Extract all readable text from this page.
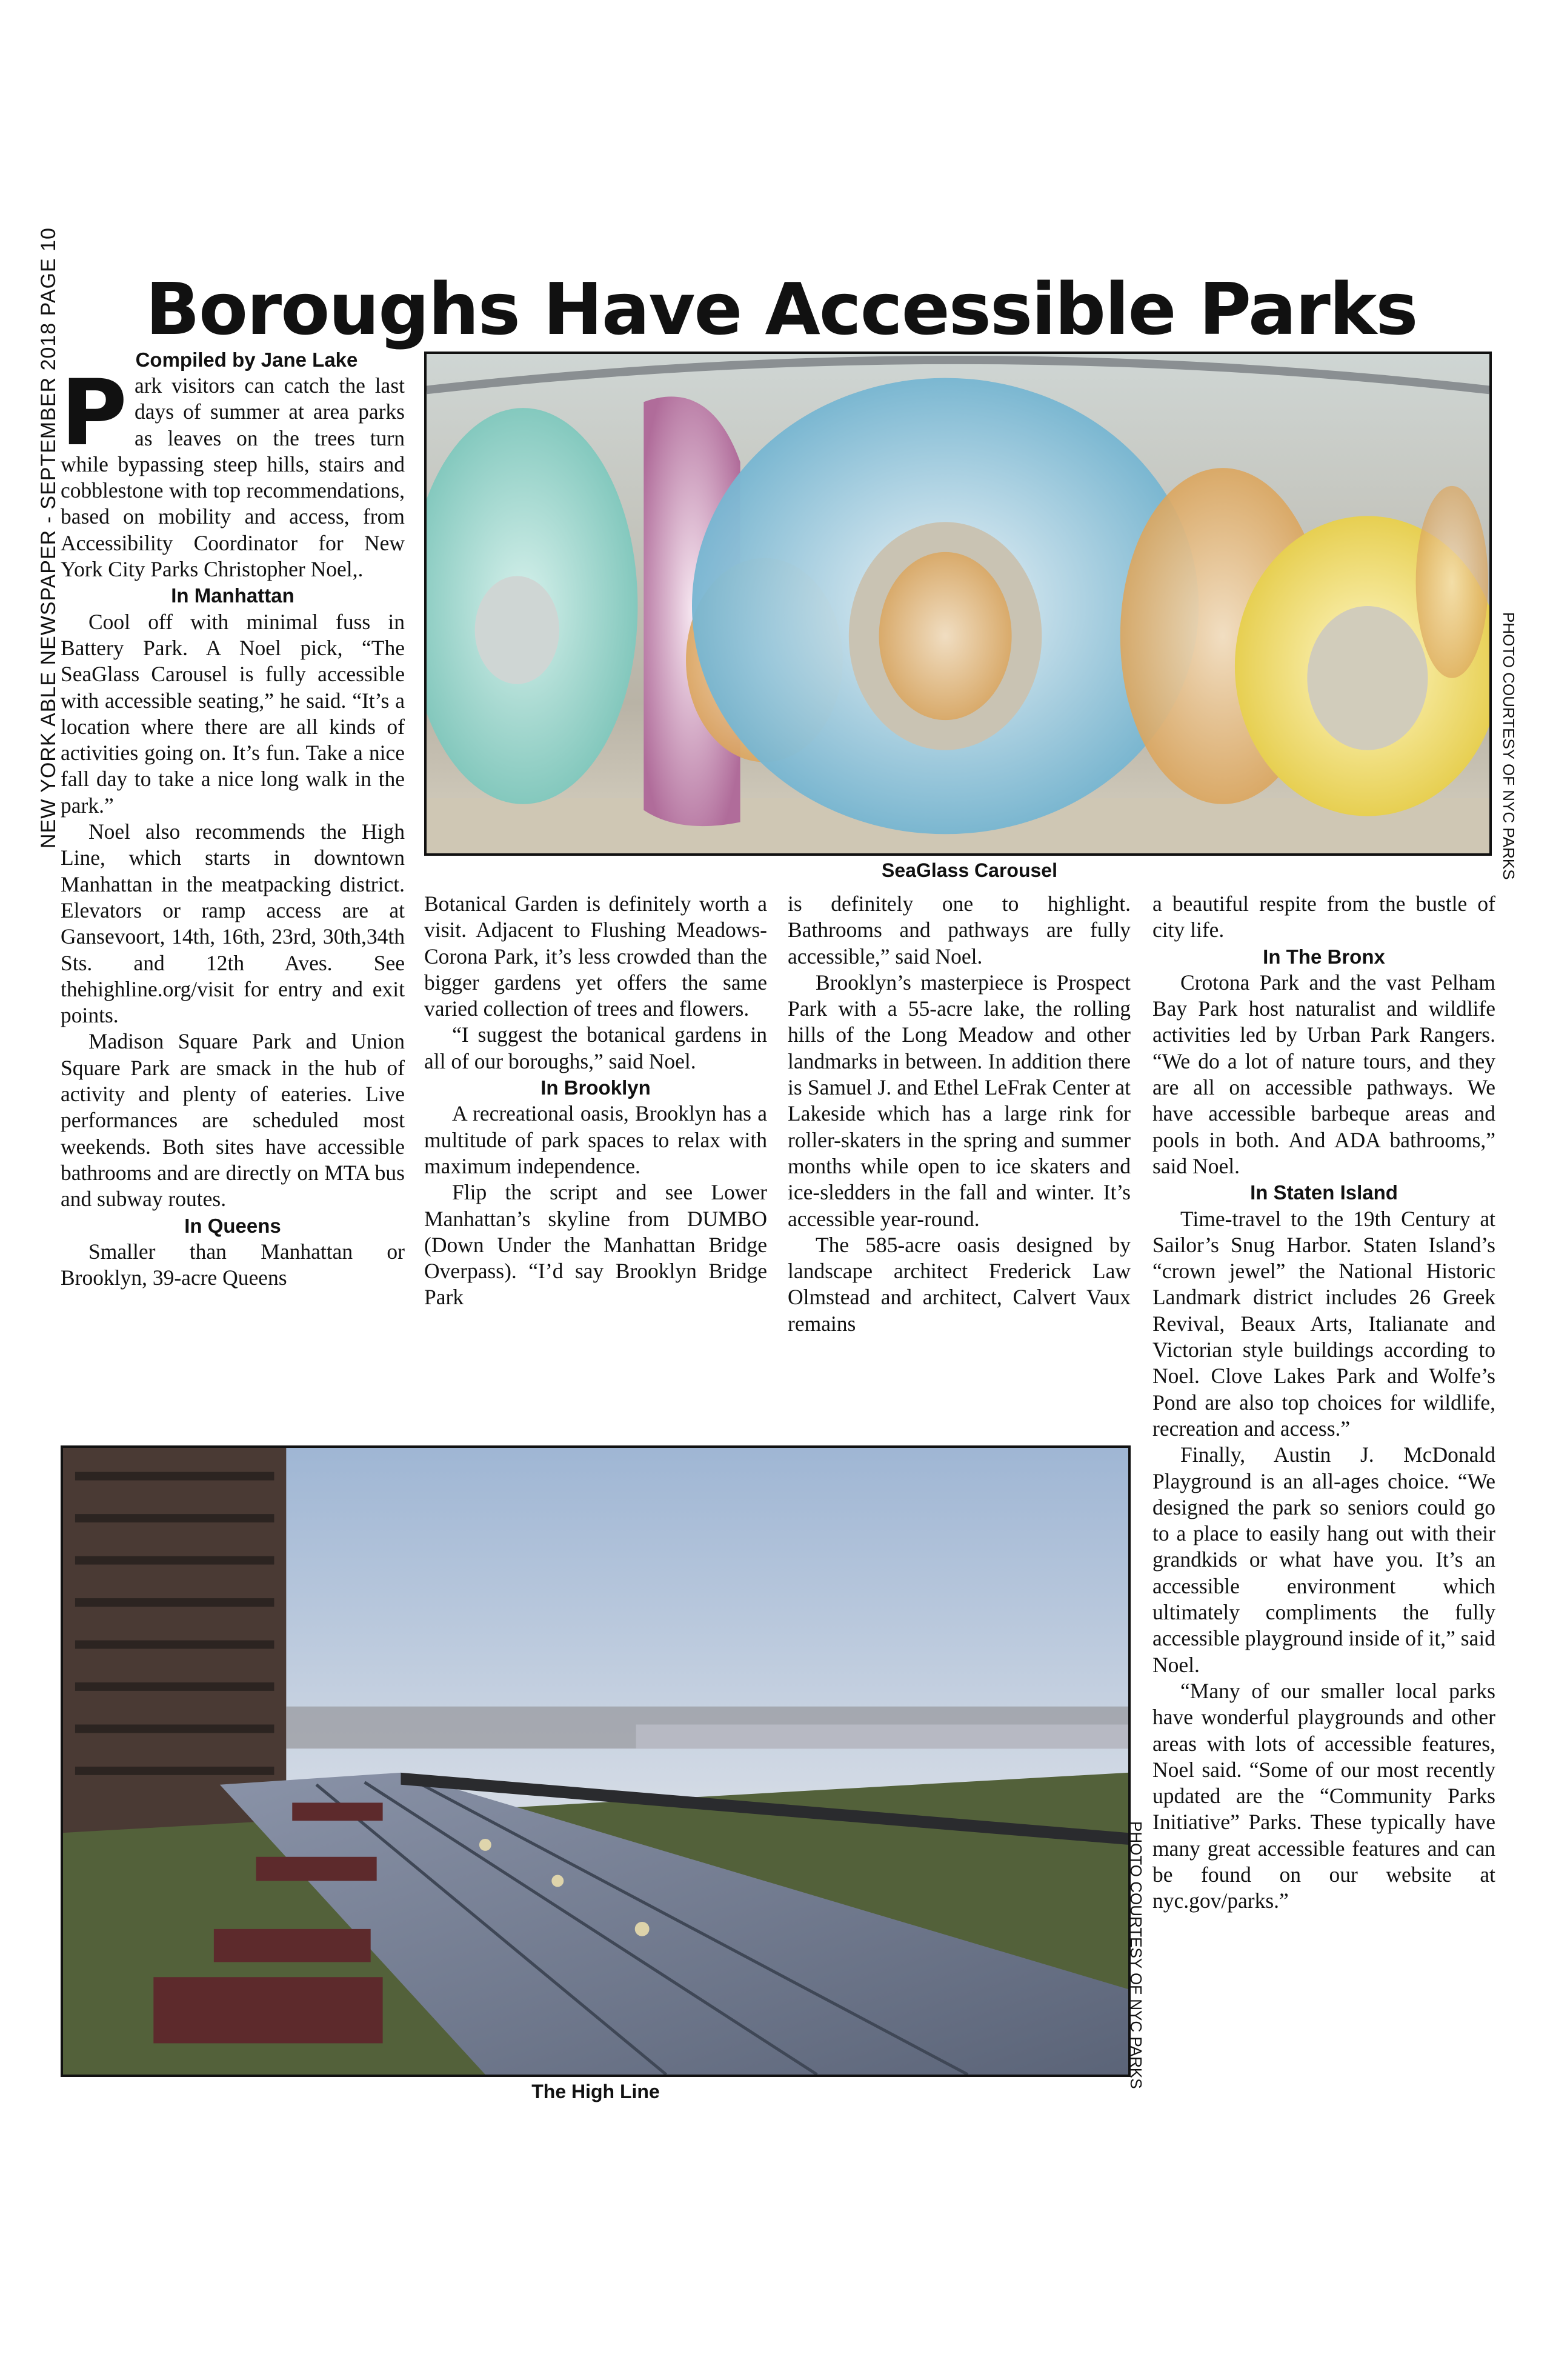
NEW YORK ABLE NEWSPAPER - SEPTEMBER 2018 PAGE 10 Boroughs Have Accessible Parks

Compiled by Jane Lake

Park visitors can catch the last days of summer at area parks as leaves on the trees turn while bypassing steep hills, stairs and cobblestone with top recommendations, based on mobility and access, from Accessibility Coordinator for New York City Parks Christopher Noel,.

In Manhattan

Cool off with minimal fuss in Battery Park. A Noel pick, “The SeaGlass Carousel is fully accessible with accessible seating,” he said. “It’s a location where there are all kinds of activities going on. It’s fun. Take a nice fall day to take a nice long walk in the park.”

Noel also recommends the High Line, which starts in downtown Manhattan in the meatpacking district. Elevators or ramp access are at Gansevoort, 14th, 16th, 23rd, 30th,34th Sts. and 12th Aves. See thehighline.org/visit for entry and exit points.

Madison Square Park and Union Square Park are smack in the hub of activity and plenty of eateries. Live performances are scheduled most weekends. Both sites have accessible bathrooms and are directly on MTA bus and subway routes.

In Queens

Smaller than Manhattan or Brooklyn, 39-acre Queens

PHOTO COURTESY OF NYC PARKS
SeaGlass Carousel

Botanical Garden is definitely worth a visit. Adjacent to Flushing Meadows-Corona Park, it’s less crowded than the bigger gardens yet offers the same varied collection of trees and flowers.

“I suggest the botanical gardens in all of our boroughs,” said Noel.

In Brooklyn

A recreational oasis, Brooklyn has a multitude of park spaces to relax with maximum independence.

Flip the script and see Lower Manhattan’s skyline from DUMBO (Down Under the Manhattan Bridge Overpass). “I’d say Brooklyn Bridge Park

is definitely one to highlight. Bathrooms and pathways are fully accessible,” said Noel.

Brooklyn’s masterpiece is Prospect Park with a 55-acre lake, the rolling hills of the Long Meadow and other landmarks in between. In addition there is Samuel J. and Ethel LeFrak Center at Lakeside which has a large rink for roller-skaters in the spring and summer months while open to ice skaters and ice-sledders in the fall and winter. It’s accessible year-round.

The 585-acre oasis designed by landscape architect Frederick Law Olmstead and architect, Calvert Vaux remains

a beautiful respite from the bustle of city life.

In The Bronx

Crotona Park and the vast Pelham Bay Park host naturalist and wildlife activities led by Urban Park Rangers. “We do a lot of nature tours, and they are all on accessible pathways. We have accessible barbeque areas and pools in both. And ADA bathrooms,” said Noel.

In Staten Island

Time-travel to the 19th Century at Sailor’s Snug Harbor. Staten Island’s “crown jewel” the National Historic Landmark district includes 26 Greek Revival, Beaux Arts, Italianate and Victorian style buildings according to Noel. Clove Lakes Park and Wolfe’s Pond are also top choices for wildlife, recreation and access.”

Finally, Austin J. McDonald Playground is an all-ages choice. “We designed the park so seniors could go to a place to easily hang out with their grandkids or what have you. It’s an accessible environment which ultimately compliments the fully accessible playground inside of it,” said Noel.

“Many of our smaller local parks have wonderful playgrounds and other areas with lots of accessible features, Noel said. “Some of our most recently updated are the “Community Parks Initiative” Parks. These typically have many great accessible features and can be found on our website at nyc.gov/parks.”

PHOTO COURTESY OF NYC PARKS
The High Line
